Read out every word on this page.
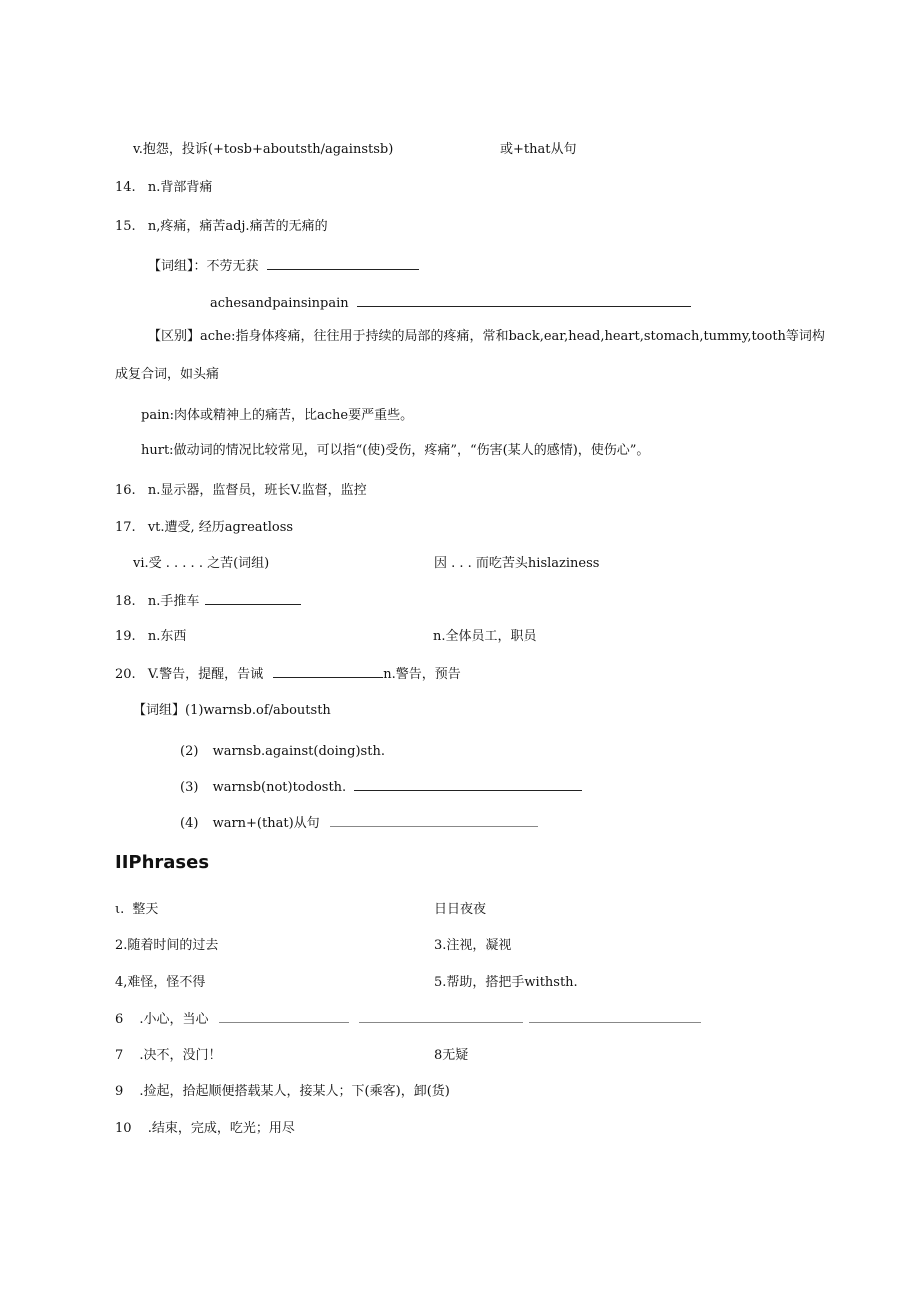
v.抱怨，投诉(+tosb+aboutsth/againstsb)	或+that从句
14. n.背部背痛
15. n,疼痛，痛苦adj.痛苦的无痛的
【词组】：不劳无获
achesandpainsinpain
【区别】ache:指身体疼痛，往往用于持续的局部的疼痛，常和back,ear,head,heart,stomach,tummy,tooth等词构
成复合词，如头痛
pain:肉体或精神上的痛苦，比ache要严重些。
hurt:做动词的情况比较常见，可以指“(使)受伤，疼痛”，“伤害(某人的感情)，使伤心”。
16. n.显示器，监督员，班长V.监督，监控
17. vt.遭受, 经历agreatloss
vi.受 . . . . . 之苦(词组)	因 . . . 而吃苦头hislaziness
18. n.手推车
19. n.东西	n.全体员工，职员
20. V.警告，提醒，告诫	n.警告，预告
【词组】(1)warnsb.of/aboutsth
(2) warnsb.against(doing)sth.
(3) warnsb(not)todosth.
(4) warn+(that)从句
IIPhrases
ι. 整天	日日夜夜
2.随着时间的过去	3.注视，凝视
4,难怪，怪不得	5.帮助，搭把手withsth.
6 .小心，当心
7 .决不，没门！	8无疑
9 .捡起，拾起顺便搭载某人，接某人；下(乘客)，卸(货)
10 .结束，完成，吃光；用尽
